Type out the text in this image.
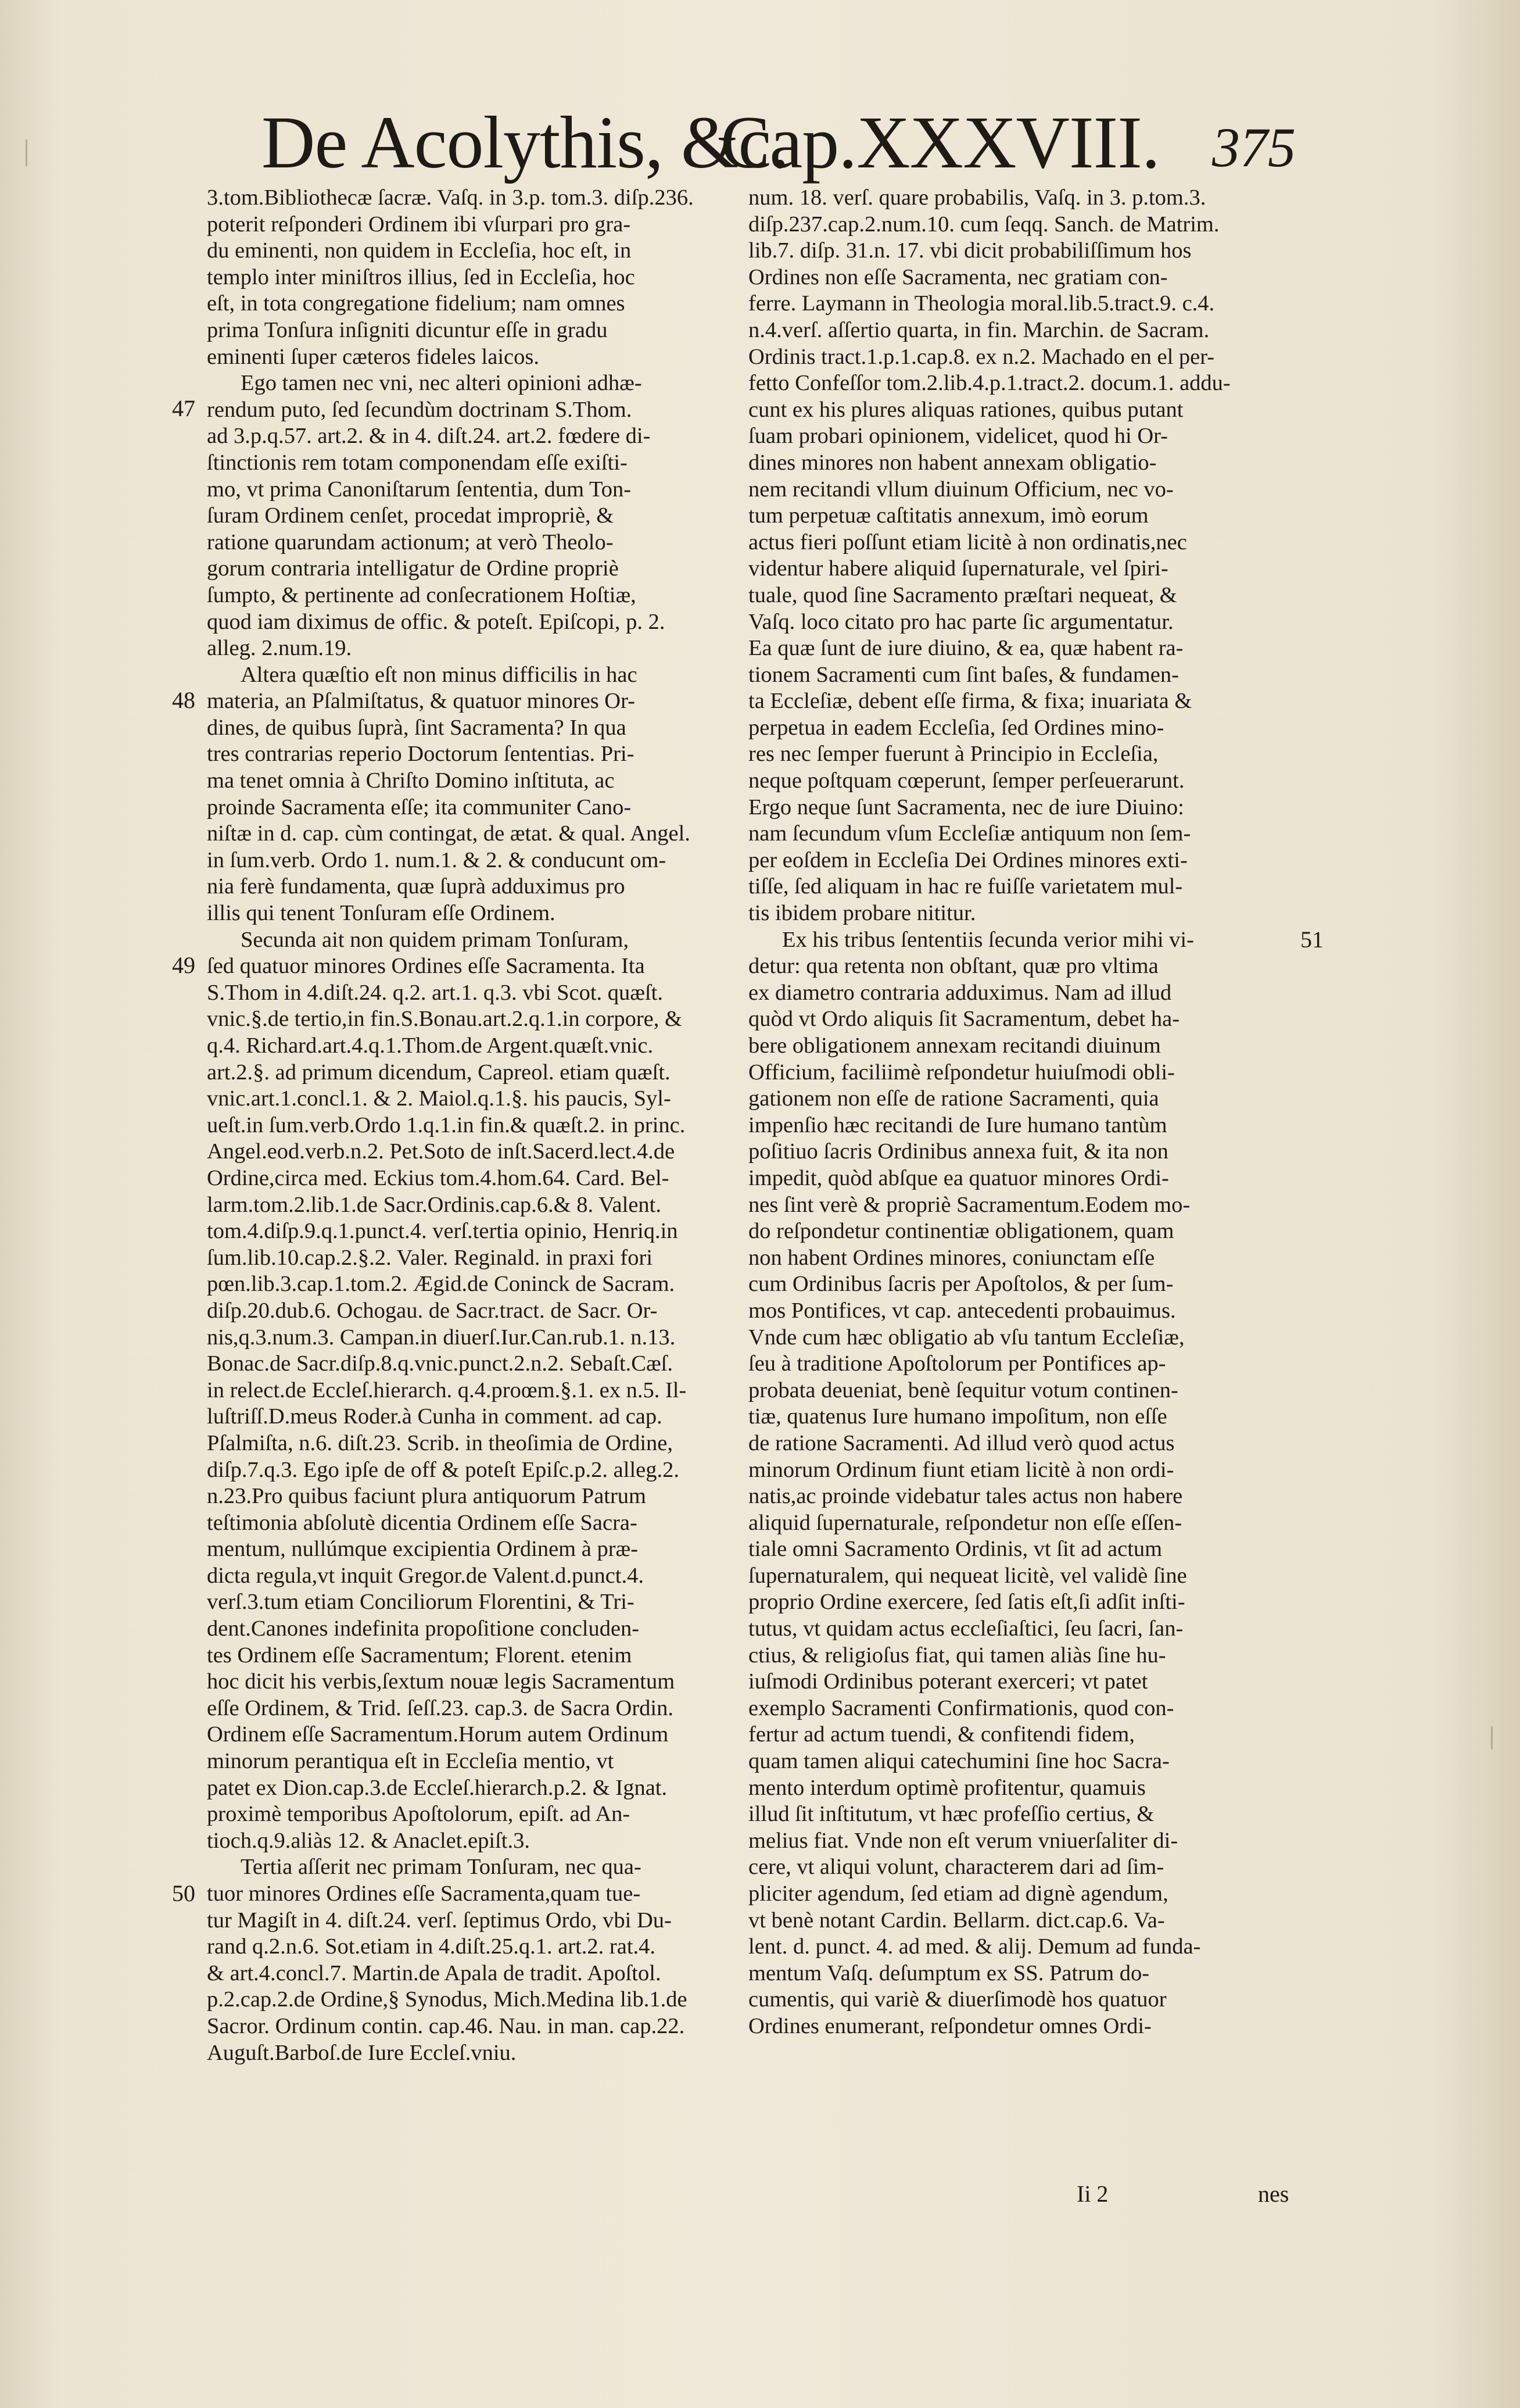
De Acolythis, &c.
Cap.XXXVIII. 375
3.tom.Bibliothecæ ſacræ. Vaſq. in 3.p. tom.3. diſp.236.
poterit reſponderi Ordinem ibi vſurpari pro gra-
du eminenti, non quidem in Eccleſia, hoc eſt, in
templo inter miniſtros illius, ſed in Eccleſia, hoc
eſt, in tota congregatione fidelium; nam omnes
prima Tonſura inſigniti dicuntur eſſe in gradu
eminenti ſuper cæteros fideles laicos.
Ego tamen nec vni, nec alteri opinioni adhæ-
rendum puto, ſed ſecundùm doctrinam S.Thom.
ad 3.p.q.57. art.2. & in 4. diſt.24. art.2. fœdere di-
ſtinctionis rem totam componendam eſſe exiſti-
mo, vt prima Canoniſtarum ſententia, dum Ton-
ſuram Ordinem cenſet, procedat impropriè, &
ratione quarundam actionum; at verò Theolo-
gorum contraria intelligatur de Ordine propriè
ſumpto, & pertinente ad conſecrationem Hoſtiæ,
quod iam diximus de offic. & poteſt. Epiſcopi, p. 2.
alleg. 2.num.19.
Altera quæſtio eſt non minus difficilis in hac
materia, an Pſalmiſtatus, & quatuor minores Or-
dines, de quibus ſuprà, ſint Sacramenta? In qua
tres contrarias reperio Doctorum ſententias. Pri-
ma tenet omnia à Chriſto Domino inſtituta, ac
proinde Sacramenta eſſe; ita communiter Cano-
niſtæ in d. cap. cùm contingat, de ætat. & qual. Angel.
in ſum.verb. Ordo 1. num.1. & 2. & conducunt om-
nia ferè fundamenta, quæ ſuprà adduximus pro
illis qui tenent Tonſuram eſſe Ordinem.
Secunda ait non quidem primam Tonſuram,
ſed quatuor minores Ordines eſſe Sacramenta. Ita
S.Thom in 4.diſt.24. q.2. art.1. q.3. vbi Scot. quæſt.
vnic.§.de tertio,in fin.S.Bonau.art.2.q.1.in corpore, &
q.4. Richard.art.4.q.1.Thom.de Argent.quæſt.vnic.
art.2.§. ad primum dicendum, Capreol. etiam quæſt.
vnic.art.1.concl.1. & 2. Maiol.q.1.§. his paucis, Syl-
ueſt.in ſum.verb.Ordo 1.q.1.in fin.& quæſt.2. in princ.
Angel.eod.verb.n.2. Pet.Soto de inſt.Sacerd.lect.4.de
Ordine,circa med. Eckius tom.4.hom.64. Card. Bel-
larm.tom.2.lib.1.de Sacr.Ordinis.cap.6.& 8. Valent.
tom.4.diſp.9.q.1.punct.4. verſ.tertia opinio, Henriq.in
ſum.lib.10.cap.2.§.2. Valer. Reginald. in praxi fori
pœn.lib.3.cap.1.tom.2. Ægid.de Coninck de Sacram.
diſp.20.dub.6. Ochogau. de Sacr.tract. de Sacr. Or-
nis,q.3.num.3. Campan.in diuerſ.Iur.Can.rub.1. n.13.
Bonac.de Sacr.diſp.8.q.vnic.punct.2.n.2. Sebaſt.Cæſ.
in relect.de Eccleſ.hierarch. q.4.proœm.§.1. ex n.5. Il-
luſtriſſ.D.meus Roder.à Cunha in comment. ad cap.
Pſalmiſta, n.6. diſt.23. Scrib. in theoſimia de Ordine,
diſp.7.q.3. Ego ipſe de off & poteſt Epiſc.p.2. alleg.2.
n.23.Pro quibus faciunt plura antiquorum Patrum
teſtimonia abſolutè dicentia Ordinem eſſe Sacra-
mentum, nullúmque excipientia Ordinem à præ-
dicta regula,vt inquit Gregor.de Valent.d.punct.4.
verſ.3.tum etiam Conciliorum Florentini, & Tri-
dent.Canones indefinita propoſitione concluden-
tes Ordinem eſſe Sacramentum; Florent. etenim
hoc dicit his verbis,ſextum nouæ legis Sacramentum
eſſe Ordinem, & Trid. ſeſſ.23. cap.3. de Sacra Ordin.
Ordinem eſſe Sacramentum.Horum autem Ordinum
minorum perantiqua eſt in Eccleſia mentio, vt
patet ex Dion.cap.3.de Eccleſ.hierarch.p.2. & Ignat.
proximè temporibus Apoſtolorum, epiſt. ad An-
tioch.q.9.aliàs 12. & Anaclet.epiſt.3.
Tertia aſſerit nec primam Tonſuram, nec qua-
tuor minores Ordines eſſe Sacramenta,quam tue-
tur Magiſt in 4. diſt.24. verſ. ſeptimus Ordo, vbi Du-
rand q.2.n.6. Sot.etiam in 4.diſt.25.q.1. art.2. rat.4.
& art.4.concl.7. Martin.de Apala de tradit. Apoſtol.
p.2.cap.2.de Ordine,§ Synodus, Mich.Medina lib.1.de
Sacror. Ordinum contin. cap.46. Nau. in man. cap.22.
Auguſt.Barboſ.de Iure Eccleſ.vniu.
num. 18. verſ. quare probabilis, Vaſq. in 3. p.tom.3.
diſp.237.cap.2.num.10. cum ſeqq. Sanch. de Matrim.
lib.7. diſp. 31.n. 17. vbi dicit probabiliſſimum hos
Ordines non eſſe Sacramenta, nec gratiam con-
ferre. Laymann in Theologia moral.lib.5.tract.9. c.4.
n.4.verſ. aſſertio quarta, in fin. Marchin. de Sacram.
Ordinis tract.1.p.1.cap.8. ex n.2. Machado en el per-
fetto Confeſſor tom.2.lib.4.p.1.tract.2. docum.1. addu-
cunt ex his plures aliquas rationes, quibus putant
ſuam probari opinionem, videlicet, quod hi Or-
dines minores non habent annexam obligatio-
nem recitandi vllum diuinum Officium, nec vo-
tum perpetuæ caſtitatis annexum, imò eorum
actus fieri poſſunt etiam licitè à non ordinatis,nec
videntur habere aliquid ſupernaturale, vel ſpiri-
tuale, quod ſine Sacramento præſtari nequeat, &
Vaſq. loco citato pro hac parte ſic argumentatur.
Ea quæ ſunt de iure diuino, & ea, quæ habent ra-
tionem Sacramenti cum ſint baſes, & fundamen-
ta Eccleſiæ, debent eſſe firma, & fixa; inuariata &
perpetua in eadem Eccleſia, ſed Ordines mino-
res nec ſemper fuerunt à Principio in Eccleſia,
neque poſtquam cœperunt, ſemper perſeuerarunt.
Ergo neque ſunt Sacramenta, nec de iure Diuino:
nam ſecundum vſum Eccleſiæ antiquum non ſem-
per eoſdem in Eccleſia Dei Ordines minores exti-
tiſſe, ſed aliquam in hac re fuiſſe varietatem mul-
tis ibidem probare nititur.
Ex his tribus ſententiis ſecunda verior mihi vi-
detur: qua retenta non obſtant, quæ pro vltima
ex diametro contraria adduximus. Nam ad illud
quòd vt Ordo aliquis ſit Sacramentum, debet ha-
bere obligationem annexam recitandi diuinum
Officium, faciliimè reſpondetur huiuſmodi obli-
gationem non eſſe de ratione Sacramenti, quia
impenſio hæc recitandi de Iure humano tantùm
poſitiuo ſacris Ordinibus annexa fuit, & ita non
impedit, quòd abſque ea quatuor minores Ordi-
nes ſint verè & propriè Sacramentum.Eodem mo-
do reſpondetur continentiæ obligationem, quam
non habent Ordines minores, coniunctam eſſe
cum Ordinibus ſacris per Apoſtolos, & per ſum-
mos Pontifices, vt cap. antecedenti probauimus.
Vnde cum hæc obligatio ab vſu tantum Eccleſiæ,
ſeu à traditione Apoſtolorum per Pontifices ap-
probata deueniat, benè ſequitur votum continen-
tiæ, quatenus Iure humano impoſitum, non eſſe
de ratione Sacramenti. Ad illud verò quod actus
minorum Ordinum fiunt etiam licitè à non ordi-
natis,ac proinde videbatur tales actus non habere
aliquid ſupernaturale, reſpondetur non eſſe eſſen-
tiale omni Sacramento Ordinis, vt ſit ad actum
ſupernaturalem, qui nequeat licitè, vel validè ſine
proprio Ordine exercere, ſed ſatis eſt,ſi adſit inſti-
tutus, vt quidam actus eccleſiaſtici, ſeu ſacri, ſan-
ctius, & religioſus fiat, qui tamen aliàs ſine hu-
iuſmodi Ordinibus poterant exerceri; vt patet
exemplo Sacramenti Confirmationis, quod con-
fertur ad actum tuendi, & confitendi fidem,
quam tamen aliqui catechumini ſine hoc Sacra-
mento interdum optimè profitentur, quamuis
illud ſit inſtitutum, vt hæc profeſſio certius, &
melius fiat. Vnde non eſt verum vniuerſaliter di-
cere, vt aliqui volunt, characterem dari ad ſim-
pliciter agendum, ſed etiam ad dignè agendum,
vt benè notant Cardin. Bellarm. dict.cap.6. Va-
lent. d. punct. 4. ad med. & alij. Demum ad funda-
mentum Vaſq. deſumptum ex SS. Patrum do-
cumentis, qui variè & diuerſimodè hos quatuor
Ordines enumerant, reſpondetur omnes Ordi-
47
48
49
50
51
Ii 2	nes
